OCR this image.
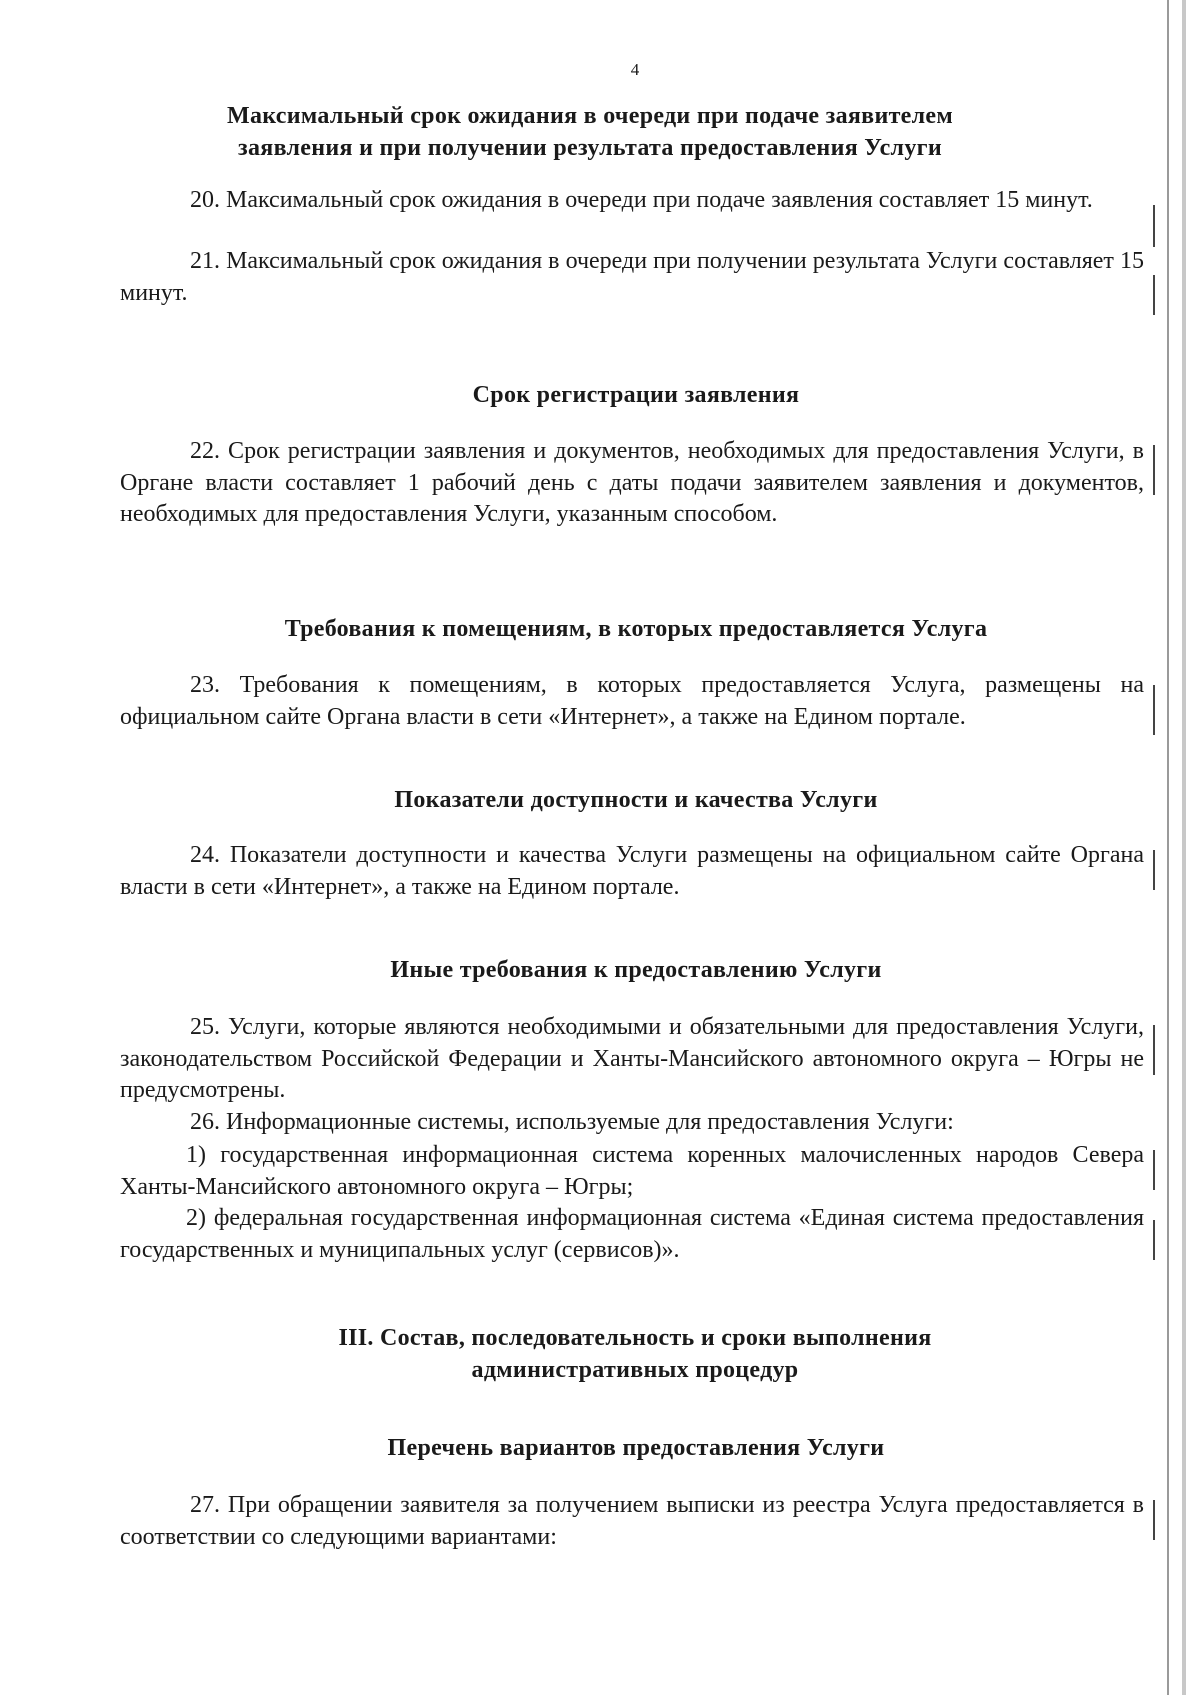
4
Максимальный срок ожидания в очереди при подаче заявителем заявления и при получении результата предоставления Услуги
20. Максимальный срок ожидания в очереди при подаче заявления составляет 15 минут.
21. Максимальный срок ожидания в очереди при получении результата Услуги составляет 15 минут.
Срок регистрации заявления
22. Срок регистрации заявления и документов, необходимых для предоставления Услуги, в Органе власти составляет 1 рабочий день с даты подачи заявителем заявления и документов, необходимых для предоставления Услуги, указанным способом.
Требования к помещениям, в которых предоставляется Услуга
23. Требования к помещениям, в которых предоставляется Услуга, размещены на официальном сайте Органа власти в сети «Интернет», а также на Едином портале.
Показатели доступности и качества Услуги
24. Показатели доступности и качества Услуги размещены на официальном сайте Органа власти в сети «Интернет», а также на Едином портале.
Иные требования к предоставлению Услуги
25. Услуги, которые являются необходимыми и обязательными для предоставления Услуги, законодательством Российской Федерации и Ханты-Мансийского автономного округа – Югры не предусмотрены.
26. Информационные системы, используемые для предоставления Услуги:
1) государственная информационная система коренных малочисленных народов Севера Ханты-Мансийского автономного округа – Югры;
2) федеральная государственная информационная система «Единая система предоставления государственных и муниципальных услуг (сервисов)».
III. Состав, последовательность и сроки выполнения административных процедур
Перечень вариантов предоставления Услуги
27. При обращении заявителя за получением выписки из реестра Услуга предоставляется в соответствии со следующими вариантами:
